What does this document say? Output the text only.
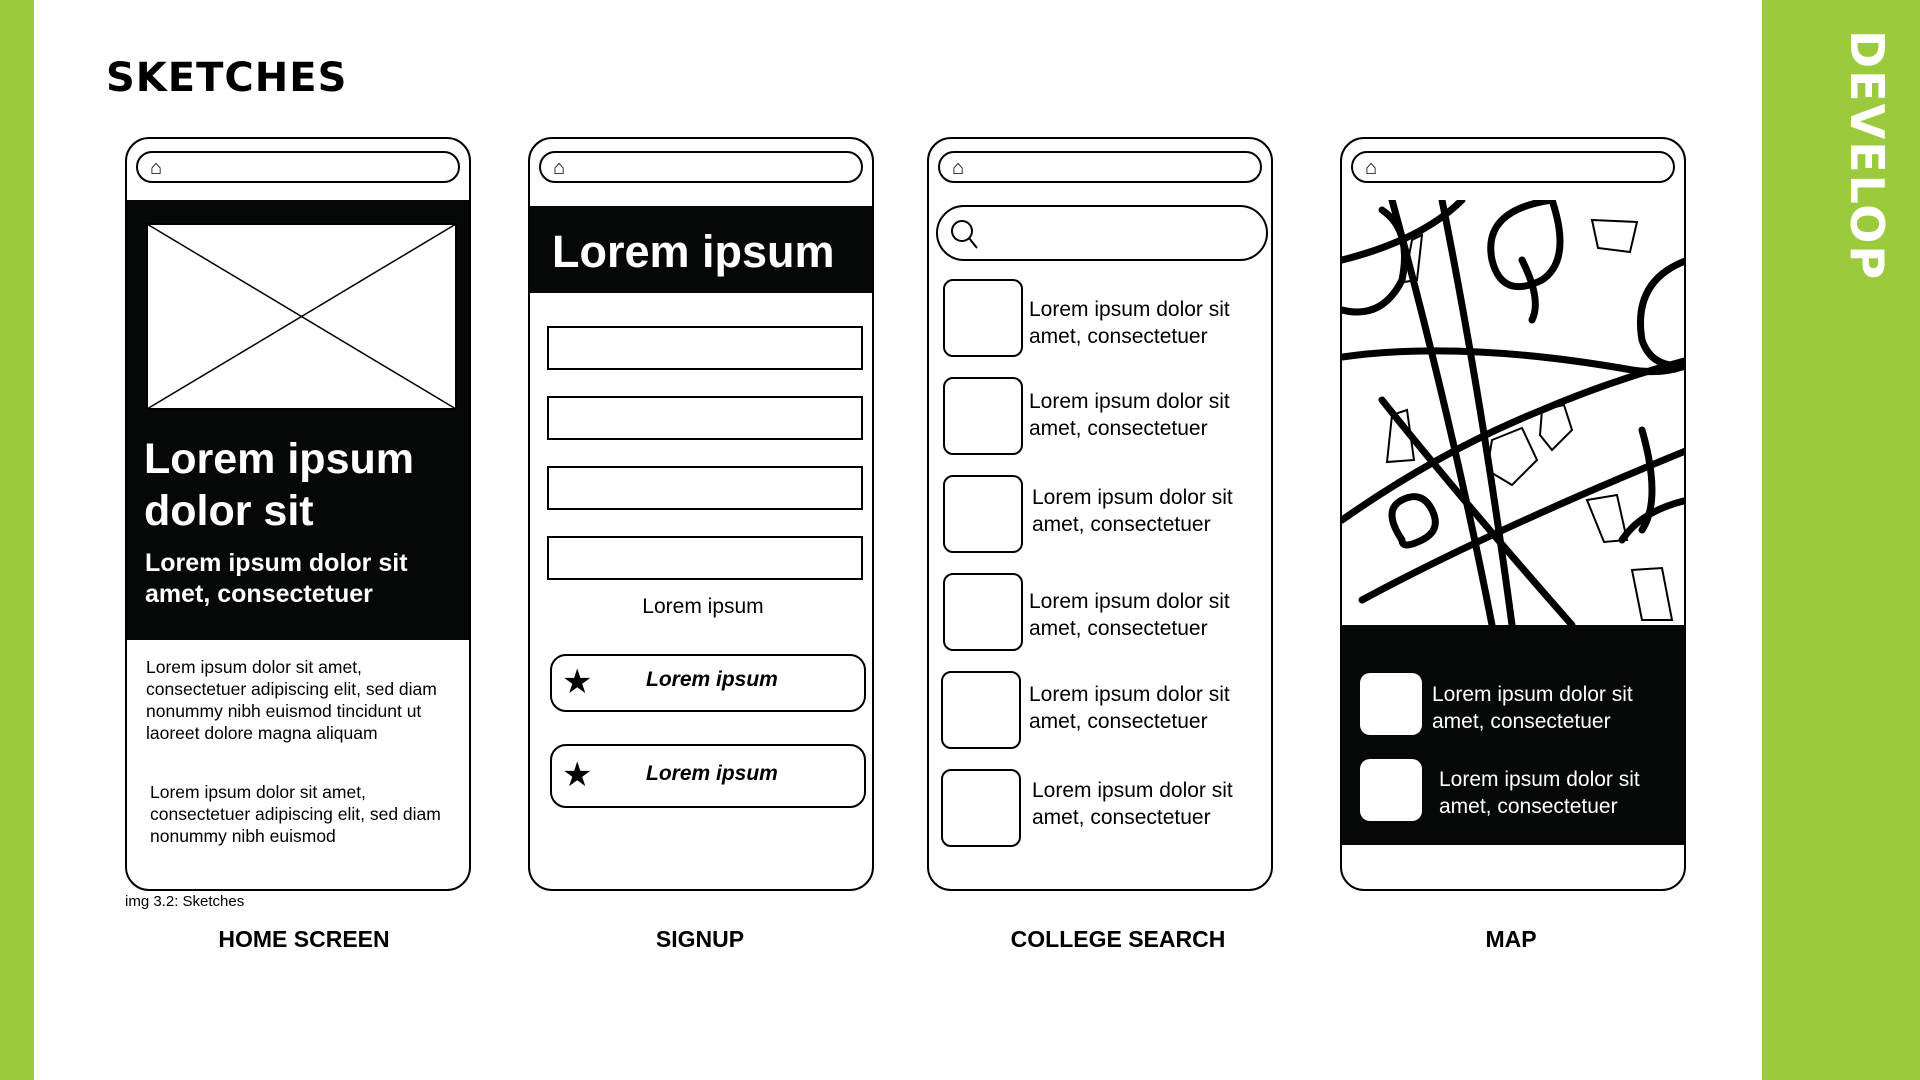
DEVELOP
SKETCHES
⌂
Lorem ipsum dolor sit
Lorem ipsum dolor sit amet, consectetuer
Lorem ipsum dolor sit amet, consectetuer adipiscing elit, sed diam nonummy nibh euismod tincidunt ut laoreet dolore magna aliquam
Lorem ipsum dolor sit amet, consectetuer adipiscing elit, sed diam nonummy nibh euismod
img 3.2: Sketches
HOME SCREEN
⌂
Lorem ipsum
Lorem ipsum
★	Lorem ipsum
★	Lorem ipsum
SIGNUP
⌂
Lorem ipsum dolor sit amet, consectetuer
Lorem ipsum dolor sit amet, consectetuer
Lorem ipsum dolor sit amet, consectetuer
Lorem ipsum dolor sit amet, consectetuer
Lorem ipsum dolor sit amet, consectetuer
Lorem ipsum dolor sit amet, consectetuer
COLLEGE SEARCH
⌂
Lorem ipsum dolor sit amet, consectetuer
Lorem ipsum dolor sit amet, consectetuer
MAP
